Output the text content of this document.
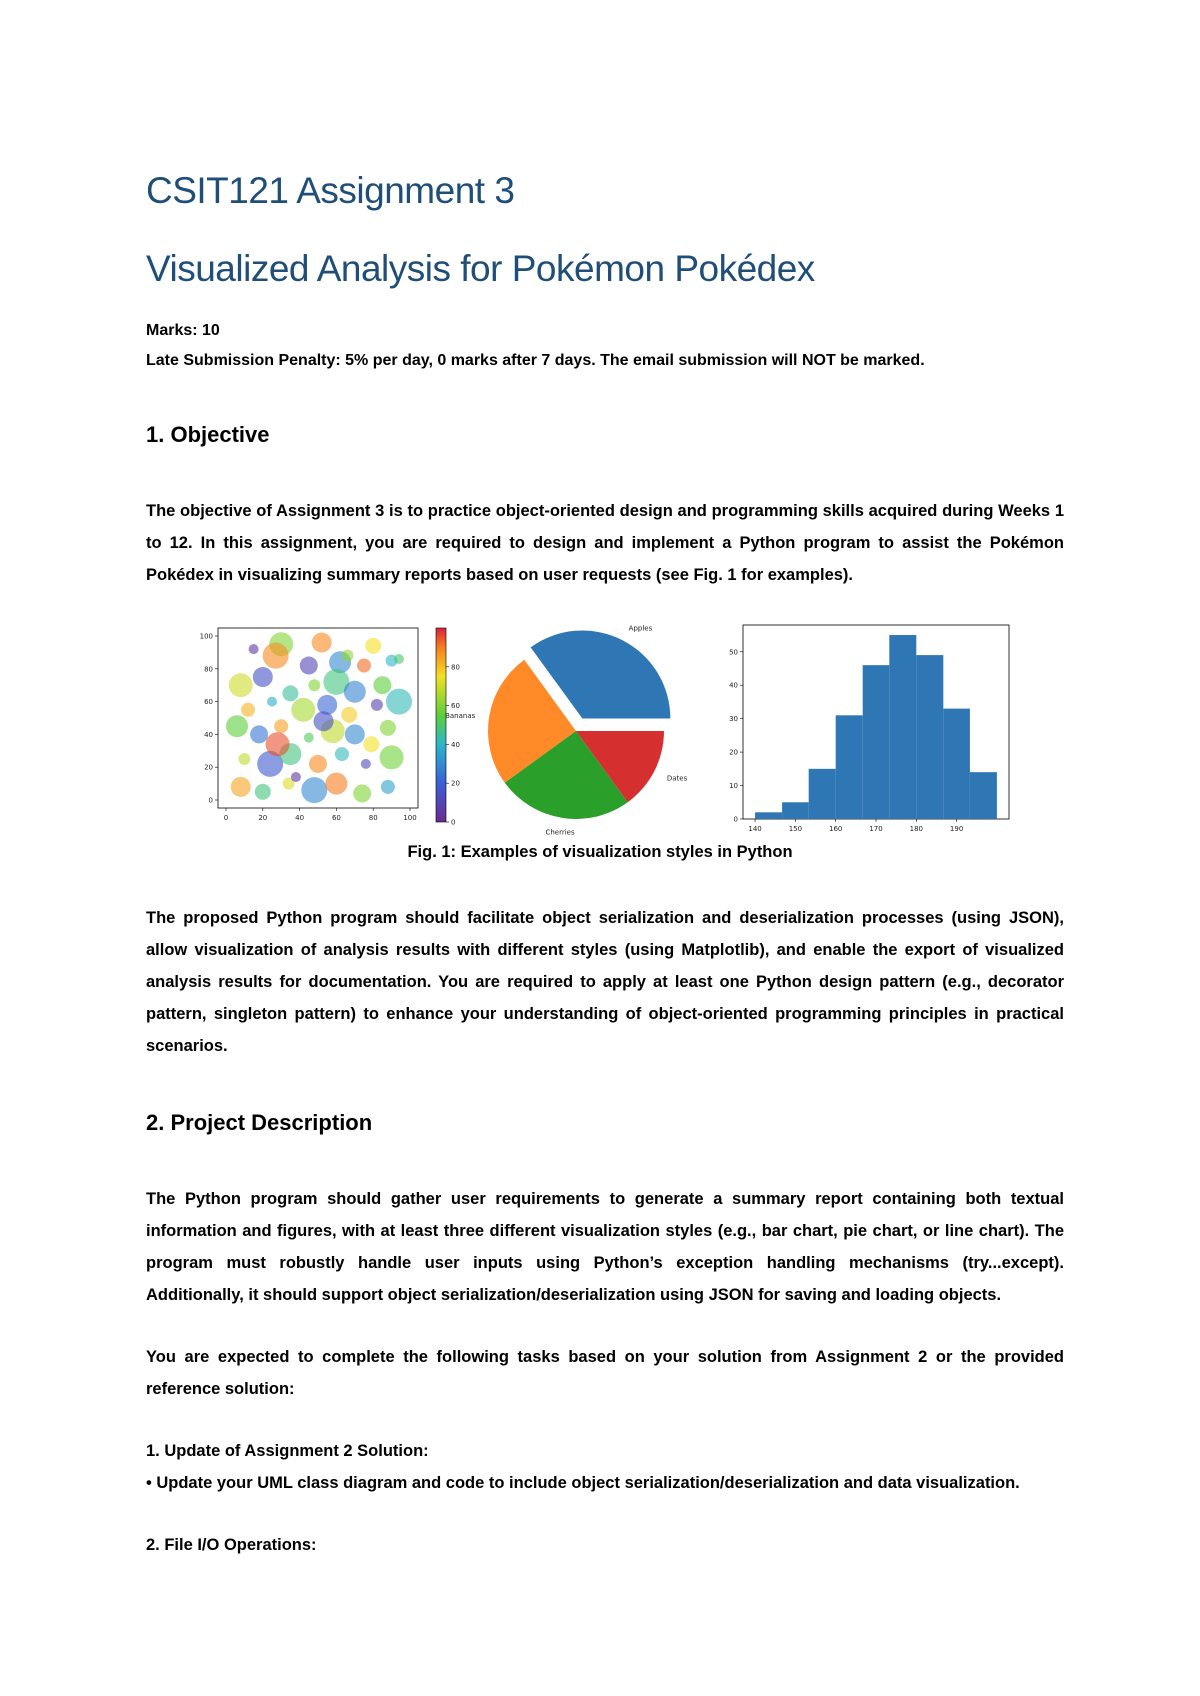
CSIT121 Assignment 3
Visualized Analysis for Pokémon Pokédex
Marks: 10
Late Submission Penalty: 5% per day, 0 marks after 7 days. The email submission will NOT be marked.
1. Objective
The objective of Assignment 3 is to practice object-oriented design and programming skills acquired during Weeks 1 to 12. In this assignment, you are required to design and implement a Python program to assist the Pokémon Pokédex in visualizing summary reports based on user requests (see Fig. 1 for examples).
0	20	40	60	80	100
0
20
40
60
80
100
0
20
40
60
80
Apples
Bananas
Cherries
Dates
140	150	160	170	180	190
0
10
20
30
40
50
Fig. 1: Examples of visualization styles in Python
The proposed Python program should facilitate object serialization and deserialization processes (using JSON), allow visualization of analysis results with different styles (using Matplotlib), and enable the export of visualized analysis results for documentation. You are required to apply at least one Python design pattern (e.g., decorator pattern, singleton pattern) to enhance your understanding of object-oriented programming principles in practical scenarios.
2. Project Description
The Python program should gather user requirements to generate a summary report containing both textual information and figures, with at least three different visualization styles (e.g., bar chart, pie chart, or line chart). The program must robustly handle user inputs using Python’s exception handling mechanisms (try...except). Additionally, it should support object serialization/deserialization using JSON for saving and loading objects.
You are expected to complete the following tasks based on your solution from Assignment 2 or the provided reference solution:
1. Update of Assignment 2 Solution:
• Update your UML class diagram and code to include object serialization/deserialization and data visualization.
2. File I/O Operations:
